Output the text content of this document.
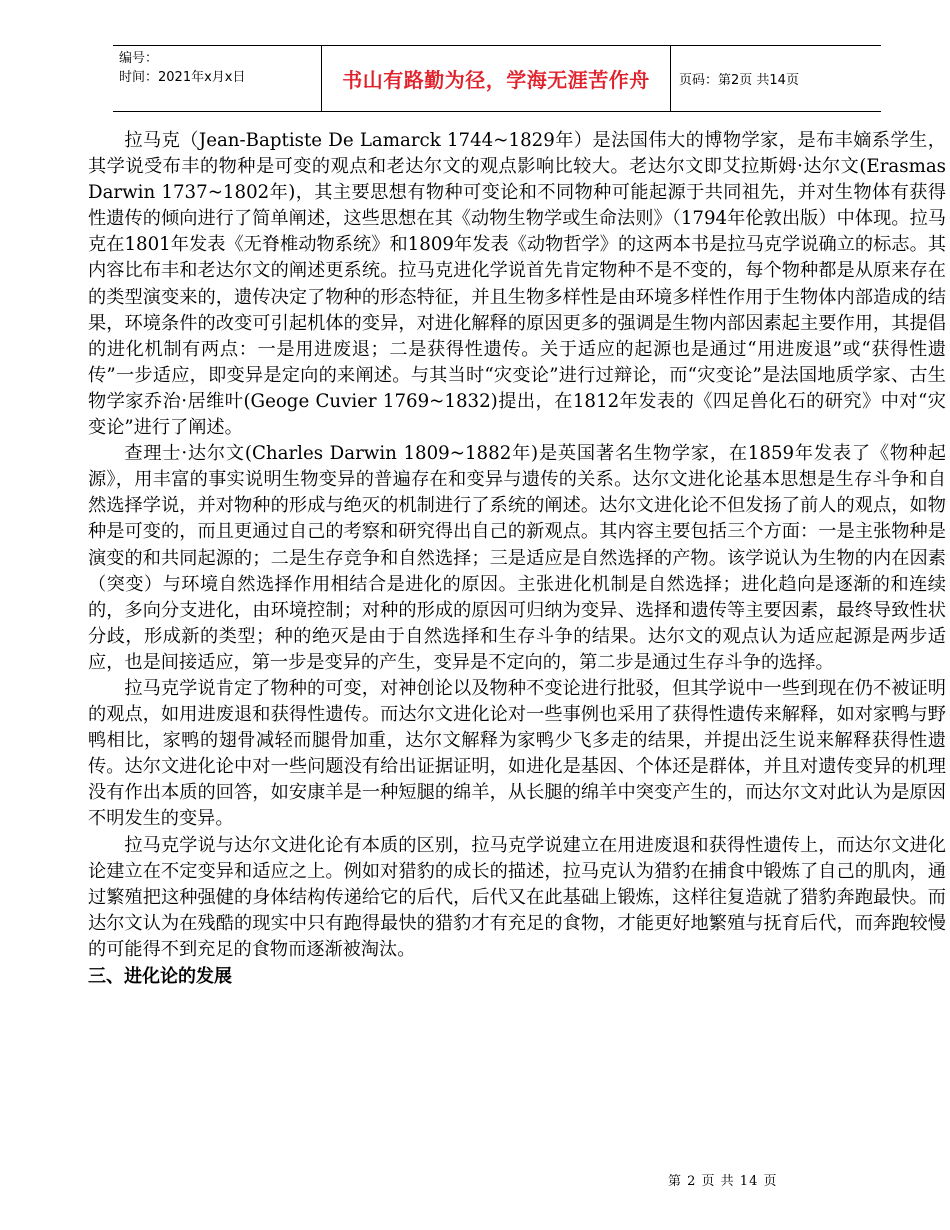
编号：
时间：2021年x月x日	书山有路勤为径，学海无涯苦作舟	页码：第2页 共14页

拉马克（Jean-Baptiste De Lamarck 1744~1829年）是法国伟大的博物学家，是布丰嫡系学生，其学说受布丰的物种是可变的观点和老达尔文的观点影响比较大。老达尔文即艾拉斯姆·达尔文(Erasmas Darwin 1737~1802年)，其主要思想有物种可变论和不同物种可能起源于共同祖先，并对生物体有获得性遗传的倾向进行了简单阐述，这些思想在其《动物生物学或生命法则》（1794年伦敦出版）中体现。拉马克在1801年发表《无脊椎动物系统》和1809年发表《动物哲学》的这两本书是拉马克学说确立的标志。其内容比布丰和老达尔文的阐述更系统。拉马克进化学说首先肯定物种不是不变的，每个物种都是从原来存在的类型演变来的，遗传决定了物种的形态特征，并且生物多样性是由环境多样性作用于生物体内部造成的结果，环境条件的改变可引起机体的变异，对进化解释的原因更多的强调是生物内部因素起主要作用，其提倡的进化机制有两点：一是用进废退；二是获得性遗传。关于适应的起源也是通过“用进废退”或“获得性遗传”一步适应，即变异是定向的来阐述。与其当时“灾变论”进行过辩论，而“灾变论”是法国地质学家、古生物学家乔治·居维叶(Geoge Cuvier 1769~1832)提出，在1812年发表的《四足兽化石的研究》中对“灾变论”进行了阐述。

查理士·达尔文(Charles Darwin 1809~1882年)是英国著名生物学家，在1859年发表了《物种起源》，用丰富的事实说明生物变异的普遍存在和变异与遗传的关系。达尔文进化论基本思想是生存斗争和自然选择学说，并对物种的形成与绝灭的机制进行了系统的阐述。达尔文进化论不但发扬了前人的观点，如物种是可变的，而且更通过自己的考察和研究得出自己的新观点。其内容主要包括三个方面：一是主张物种是演变的和共同起源的；二是生存竞争和自然选择；三是适应是自然选择的产物。该学说认为生物的内在因素（突变）与环境自然选择作用相结合是进化的原因。主张进化机制是自然选择；进化趋向是逐渐的和连续的，多向分支进化，由环境控制；对种的形成的原因可归纳为变异、选择和遗传等主要因素，最终导致性状分歧，形成新的类型；种的绝灭是由于自然选择和生存斗争的结果。达尔文的观点认为适应起源是两步适应，也是间接适应，第一步是变异的产生，变异是不定向的，第二步是通过生存斗争的选择。

拉马克学说肯定了物种的可变，对神创论以及物种不变论进行批驳，但其学说中一些到现在仍不被证明的观点，如用进废退和获得性遗传。而达尔文进化论对一些事例也采用了获得性遗传来解释，如对家鸭与野鸭相比，家鸭的翅骨减轻而腿骨加重，达尔文解释为家鸭少飞多走的结果，并提出泛生说来解释获得性遗传。达尔文进化论中对一些问题没有给出证据证明，如进化是基因、个体还是群体，并且对遗传变异的机理没有作出本质的回答，如安康羊是一种短腿的绵羊，从长腿的绵羊中突变产生的，而达尔文对此认为是原因不明发生的变异。

拉马克学说与达尔文进化论有本质的区别，拉马克学说建立在用进废退和获得性遗传上，而达尔文进化论建立在不定变异和适应之上。例如对猎豹的成长的描述，拉马克认为猎豹在捕食中锻炼了自己的肌肉，通过繁殖把这种强健的身体结构传递给它的后代，后代又在此基础上锻炼，这样往复造就了猎豹奔跑最快。而达尔文认为在残酷的现实中只有跑得最快的猎豹才有充足的食物，才能更好地繁殖与抚育后代，而奔跑较慢的可能得不到充足的食物而逐渐被淘汰。

三、进化论的发展
第 2 页 共 14 页
